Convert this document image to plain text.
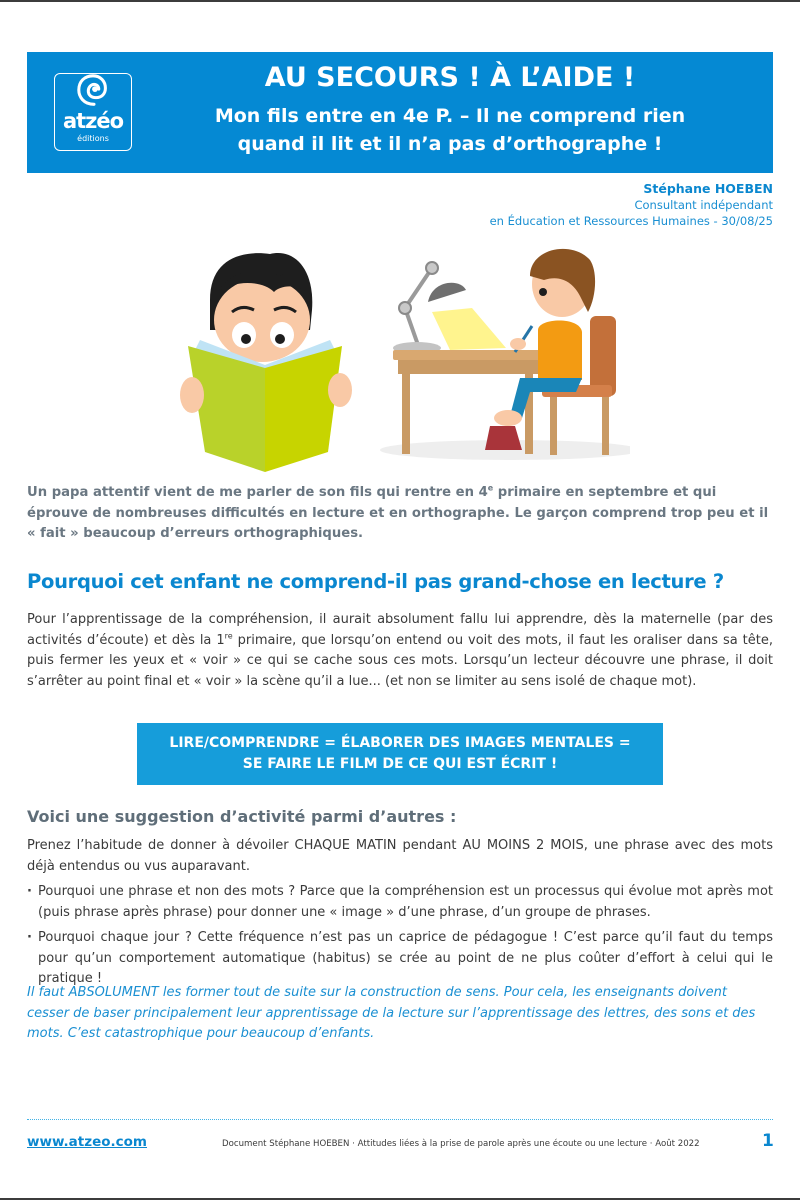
atzéo
éditions
AU SECOURS ! À L’AIDE !
Mon fils entre en 4e P. – Il ne comprend rien
quand il lit et il n’a pas d’orthographe !
Stéphane HOEBEN
Consultant indépendant
en Éducation et Ressources Humaines - 30/08/25

Un papa attentif vient de me parler de son fils qui rentre en 4e primaire en septembre et qui éprouve de nombreuses difficultés en lecture et en orthographe. Le garçon comprend trop peu et il « fait » beaucoup d’erreurs orthographiques.

Pourquoi cet enfant ne comprend-il pas grand-chose en lecture ?

Pour l’apprentissage de la compréhension, il aurait absolument fallu lui apprendre, dès la maternelle (par des activités d’écoute) et dès la 1re primaire, que lorsqu’on entend ou voit des mots, il faut les oraliser dans sa tête, puis fermer les yeux et « voir » ce qui se cache sous ces mots. Lorsqu’un lecteur découvre une phrase, il doit s’arrêter au point final et « voir » la scène qu’il a lue... (et non se limiter au sens isolé de chaque mot).

LIRE/COMPRENDRE = ÉLABORER DES IMAGES MENTALES =
SE FAIRE LE FILM DE CE QUI EST ÉCRIT !
Voici une suggestion d’activité parmi d’autres :

Prenez l’habitude de donner à dévoiler CHAQUE MATIN pendant AU MOINS 2 MOIS, une phrase avec des mots déjà entendus ou vus auparavant.

· Pourquoi une phrase et non des mots ? Parce que la compréhension est un processus qui évolue mot après mot (puis phrase après phrase) pour donner une « image » d’une phrase, d’un groupe de phrases.

· Pourquoi chaque jour ? Cette fréquence n’est pas un caprice de pédagogue ! C’est parce qu’il faut du temps pour qu’un comportement automatique (habitus) se crée au point de ne plus coûter d’effort à celui qui le pratique !

Il faut ABSOLUMENT les former tout de suite sur la construction de sens. Pour cela, les enseignants doivent cesser de baser principalement leur apprentissage de la lecture sur l’apprentissage des lettres, des sons et des mots. C’est catastrophique pour beaucoup d’enfants.

www.atzeo.com	Document Stéphane HOEBEN · Attitudes liées à la prise de parole après une écoute ou une lecture · Août 2022	1
